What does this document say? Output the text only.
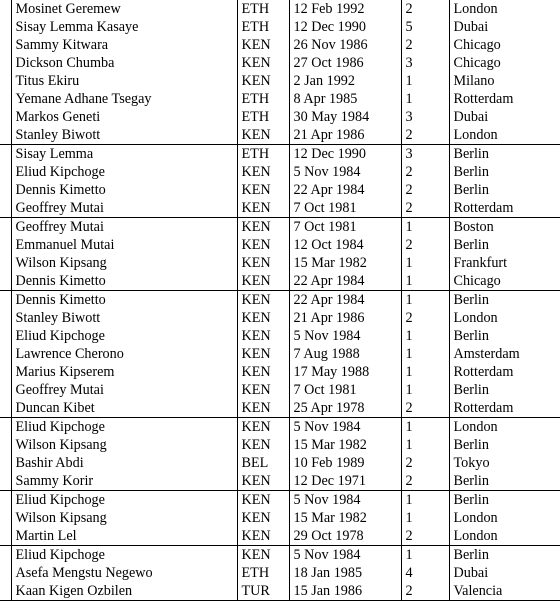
	Mosinet Geremew	ETH	12 Feb 1992	2	London
	Sisay Lemma Kasaye	ETH	12 Dec 1990	5	Dubai
	Sammy Kitwara	KEN	26 Nov 1986	2	Chicago
	Dickson Chumba	KEN	27 Oct 1986	3	Chicago
	Titus Ekiru	KEN	2 Jan 1992	1	Milano
	Yemane Adhane Tsegay	ETH	8 Apr 1985	1	Rotterdam
	Markos Geneti	ETH	30 May 1984	3	Dubai
	Stanley Biwott	KEN	21 Apr 1986	2	London
	Sisay Lemma	ETH	12 Dec 1990	3	Berlin
	Eliud Kipchoge	KEN	5 Nov 1984	2	Berlin
	Dennis Kimetto	KEN	22 Apr 1984	2	Berlin
	Geoffrey Mutai	KEN	7 Oct 1981	2	Rotterdam
	Geoffrey Mutai	KEN	7 Oct 1981	1	Boston
	Emmanuel Mutai	KEN	12 Oct 1984	2	Berlin
	Wilson Kipsang	KEN	15 Mar 1982	1	Frankfurt
	Dennis Kimetto	KEN	22 Apr 1984	1	Chicago
	Dennis Kimetto	KEN	22 Apr 1984	1	Berlin
	Stanley Biwott	KEN	21 Apr 1986	2	London
	Eliud Kipchoge	KEN	5 Nov 1984	1	Berlin
	Lawrence Cherono	KEN	7 Aug 1988	1	Amsterdam
	Marius Kipserem	KEN	17 May 1988	1	Rotterdam
	Geoffrey Mutai	KEN	7 Oct 1981	1	Berlin
	Duncan Kibet	KEN	25 Apr 1978	2	Rotterdam
	Eliud Kipchoge	KEN	5 Nov 1984	1	London
	Wilson Kipsang	KEN	15 Mar 1982	1	Berlin
	Bashir Abdi	BEL	10 Feb 1989	2	Tokyo
	Sammy Korir	KEN	12 Dec 1971	2	Berlin
	Eliud Kipchoge	KEN	5 Nov 1984	1	Berlin
	Wilson Kipsang	KEN	15 Mar 1982	1	London
	Martin Lel	KEN	29 Oct 1978	2	London
	Eliud Kipchoge	KEN	5 Nov 1984	1	Berlin
	Asefa Mengstu Negewo	ETH	18 Jan 1985	4	Dubai
	Kaan Kigen Ozbilen	TUR	15 Jan 1986	2	Valencia
